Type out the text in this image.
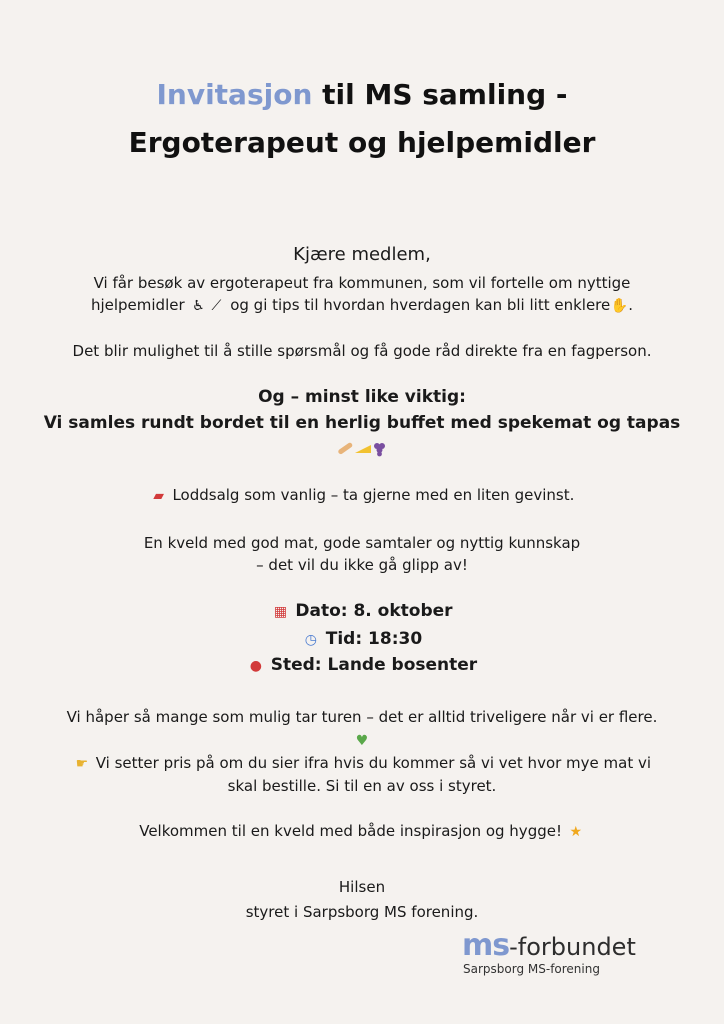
Invitasjon til MS samling -
Ergoterapeut og hjelpemidler
Kjære medlem,
Vi får besøk av ergoterapeut fra kommunen, som vil fortelle om nyttige
hjelpemidler ♿ ⟋ og gi tips til hvordan hverdagen kan bli litt enklere✋.
Det blir mulighet til å stille spørsmål og få gode råd direkte fra en fagperson.
Og – minst like viktig:
Vi samles rundt bordet til en herlig buffet med spekemat og tapas
▰ Loddsalg som vanlig – ta gjerne med en liten gevinst.
En kveld med god mat, gode samtaler og nyttig kunnskap
– det vil du ikke gå glipp av!
▦ Dato: 8. oktober
◷ Tid: 18:30
● Sted: Lande bosenter
Vi håper så mange som mulig tar turen – det er alltid triveligere når vi er flere.
♥
☛ Vi setter pris på om du sier ifra hvis du kommer så vi vet hvor mye mat vi
skal bestille. Si til en av oss i styret.
Velkommen til en kveld med både inspirasjon og hygge! ★
Hilsen
styret i Sarpsborg MS forening.
ms-forbundet
Sarpsborg MS-forening
